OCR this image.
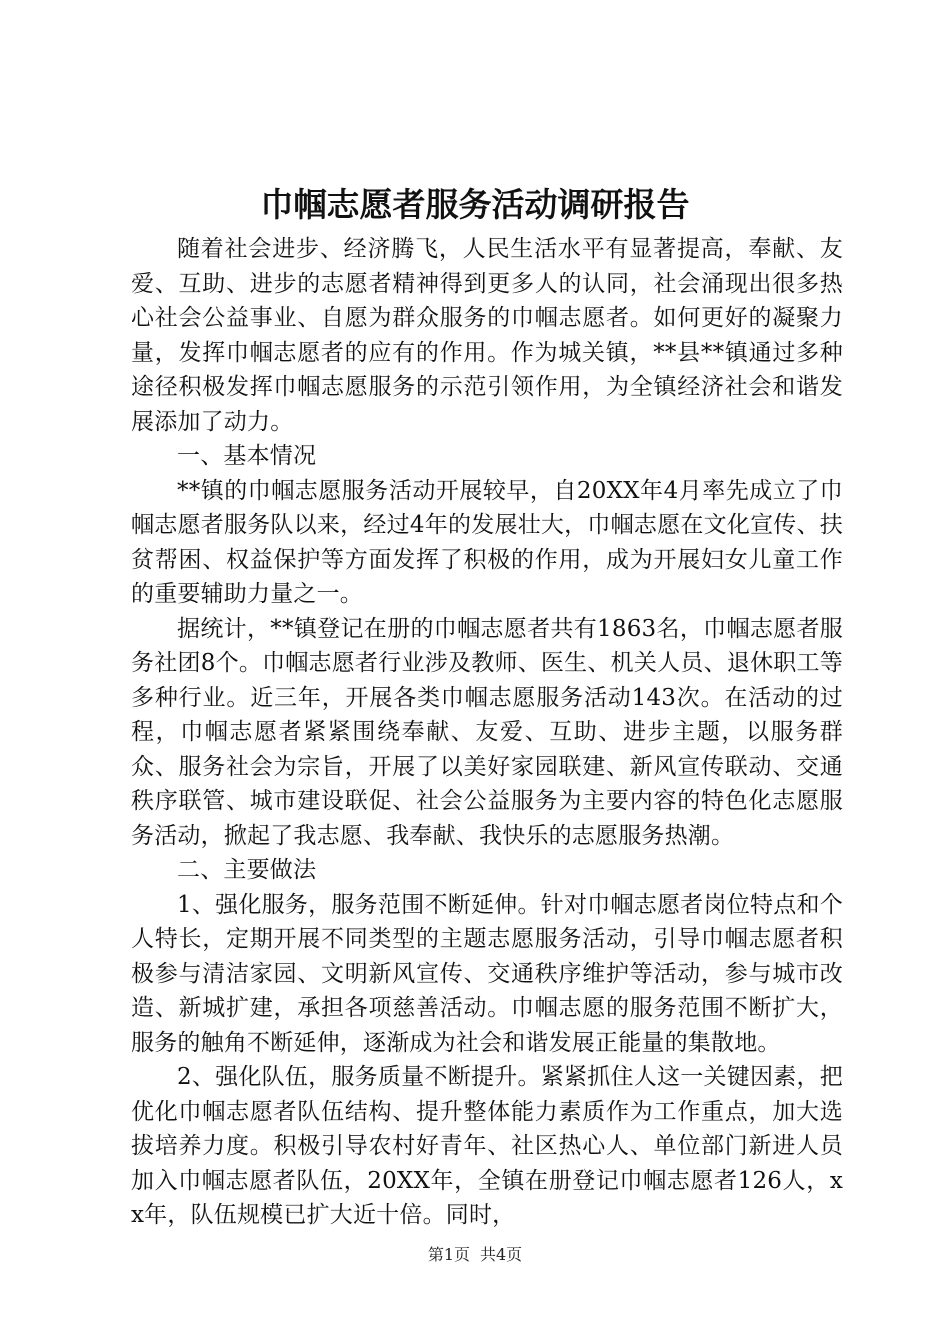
巾帼志愿者服务活动调研报告

随着社会进步、经济腾飞，人民生活水平有显著提高，奉献、友爱、互助、进步的志愿者精神得到更多人的认同，社会涌现出很多热心社会公益事业、自愿为群众服务的巾帼志愿者。如何更好的凝聚力量，发挥巾帼志愿者的应有的作用。作为城关镇，**县**镇通过多种途径积极发挥巾帼志愿服务的示范引领作用，为全镇经济社会和谐发展添加了动力。

一、基本情况

**镇的巾帼志愿服务活动开展较早，自20XX年4月率先成立了巾帼志愿者服务队以来，经过4年的发展壮大，巾帼志愿在文化宣传、扶贫帮困、权益保护等方面发挥了积极的作用，成为开展妇女儿童工作的重要辅助力量之一。

据统计，**镇登记在册的巾帼志愿者共有1863名，巾帼志愿者服务社团8个。巾帼志愿者行业涉及教师、医生、机关人员、退休职工等多种行业。近三年，开展各类巾帼志愿服务活动143次。在活动的过程，巾帼志愿者紧紧围绕奉献、友爱、互助、进步主题，以服务群众、服务社会为宗旨，开展了以美好家园联建、新风宣传联动、交通秩序联管、城市建设联促、社会公益服务为主要内容的特色化志愿服务活动，掀起了我志愿、我奉献、我快乐的志愿服务热潮。

二、主要做法

1、强化服务，服务范围不断延伸。针对巾帼志愿者岗位特点和个人特长，定期开展不同类型的主题志愿服务活动，引导巾帼志愿者积极参与清洁家园、文明新风宣传、交通秩序维护等活动，参与城市改造、新城扩建，承担各项慈善活动。巾帼志愿的服务范围不断扩大，服务的触角不断延伸，逐渐成为社会和谐发展正能量的集散地。

2、强化队伍，服务质量不断提升。紧紧抓住人这一关键因素，把优化巾帼志愿者队伍结构、提升整体能力素质作为工作重点，加大选拔培养力度。积极引导农村好青年、社区热心人、单位部门新进人员加入巾帼志愿者队伍，20XX年，全镇在册登记巾帼志愿者126人，xx年，队伍规模已扩大近十倍。同时，

第1页 共4页
